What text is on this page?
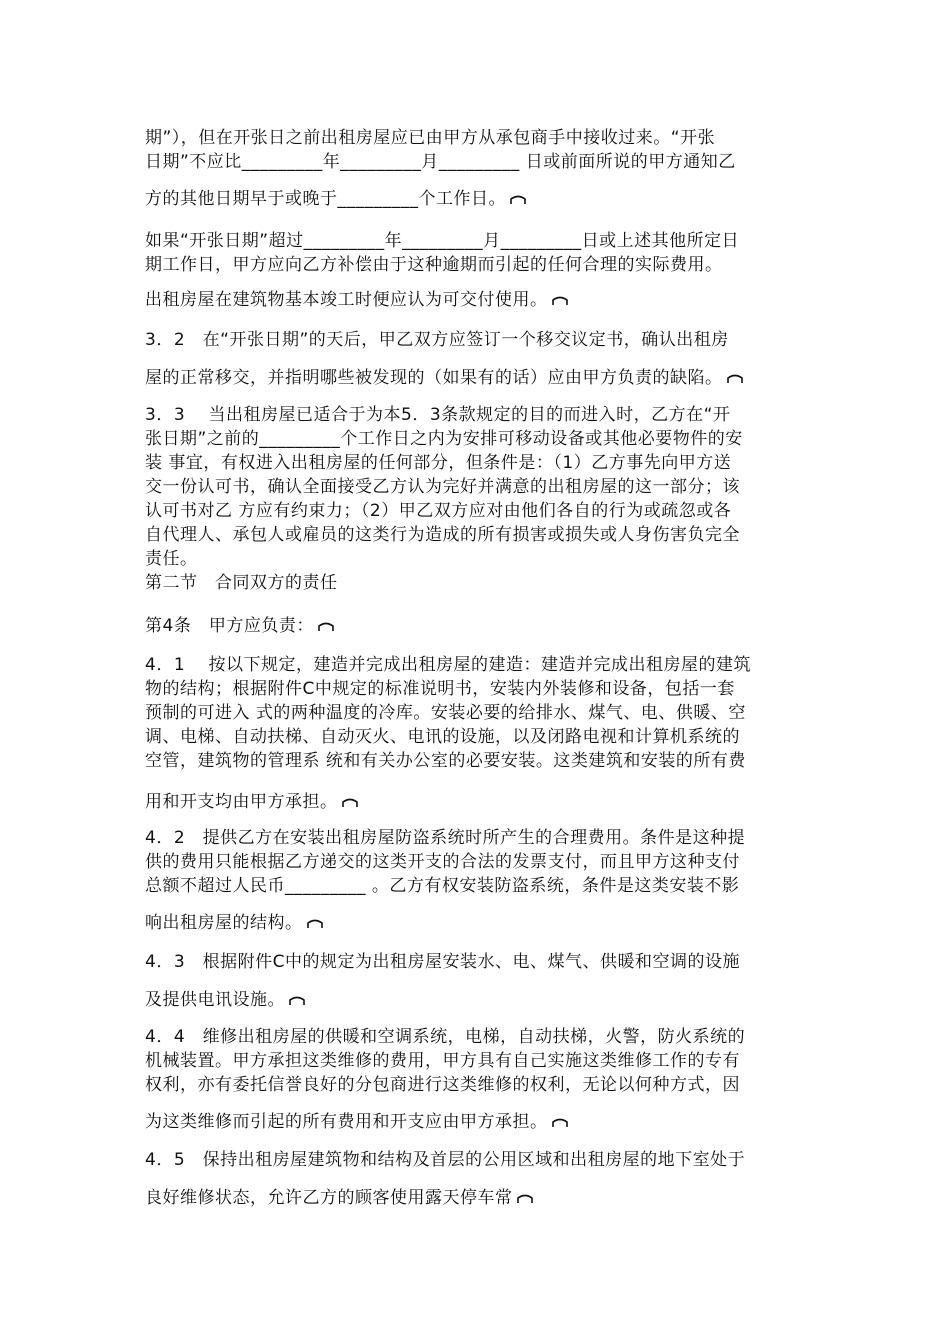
期”），但在开张日之前出租房屋应已由甲方从承包商手中接收过来。“开张
日期”不应比_________年_________月_________ 日或前面所说的甲方通知乙
方的其他日期早于或晚于_________个工作日。
如果“开张日期”超过_________年_________月_________日或上述其他所定日
期工作日，甲方应向乙方补偿由于这种逾期而引起的任何合理的实际费用。
出租房屋在建筑物基本竣工时便应认为可交付使用。
3．2　在“开张日期”的天后，甲乙双方应签订一个移交议定书，确认出租房
屋的正常移交，并指明哪些被发现的（如果有的话）应由甲方负责的缺陷。
3．3　 当出租房屋已适合于为本5．3条款规定的目的而进入时，乙方在“开
张日期”之前的_________个工作日之内为安排可移动设备或其他必要物件的安
装 事宜，有权进入出租房屋的任何部分，但条件是：（1）乙方事先向甲方送
交一份认可书，确认全面接受乙方认为完好并满意的出租房屋的这一部分；该
认可书对乙 方应有约束力；（2）甲乙双方应对由他们各自的行为或疏忽或各
自代理人、承包人或雇员的这类行为造成的所有损害或损失或人身伤害负完全
责任。
第二节　合同双方的责任
第4条　甲方应负责：
4．1　 按以下规定，建造并完成出租房屋的建造：建造并完成出租房屋的建筑
物的结构；根据附件C中规定的标准说明书，安装内外装修和设备，包括一套
预制的可进入 式的两种温度的冷库。安装必要的给排水、煤气、电、供暖、空
调、电梯、自动扶梯、自动灭火、电讯的设施，以及闭路电视和计算机系统的
空管，建筑物的管理系 统和有关办公室的必要安装。这类建筑和安装的所有费
用和开支均由甲方承担。
4．2　提供乙方在安装出租房屋防盗系统时所产生的合理费用。条件是这种提
供的费用只能根据乙方递交的这类开支的合法的发票支付，而且甲方这种支付
总额不超过人民币_________ 。乙方有权安装防盗系统，条件是这类安装不影
响出租房屋的结构。
4．3　根据附件C中的规定为出租房屋安装水、电、煤气、供暖和空调的设施
及提供电讯设施。
4．4　维修出租房屋的供暖和空调系统，电梯，自动扶梯，火警，防火系统的
机械装置。甲方承担这类维修的费用，甲方具有自己实施这类维修工作的专有
权利，亦有委托信誉良好的分包商进行这类维修的权利，无论以何种方式，因
为这类维修而引起的所有费用和开支应由甲方承担。
4．5　保持出租房屋建筑物和结构及首层的公用区域和出租房屋的地下室处于
良好维修状态，允许乙方的顾客使用露天停车常
